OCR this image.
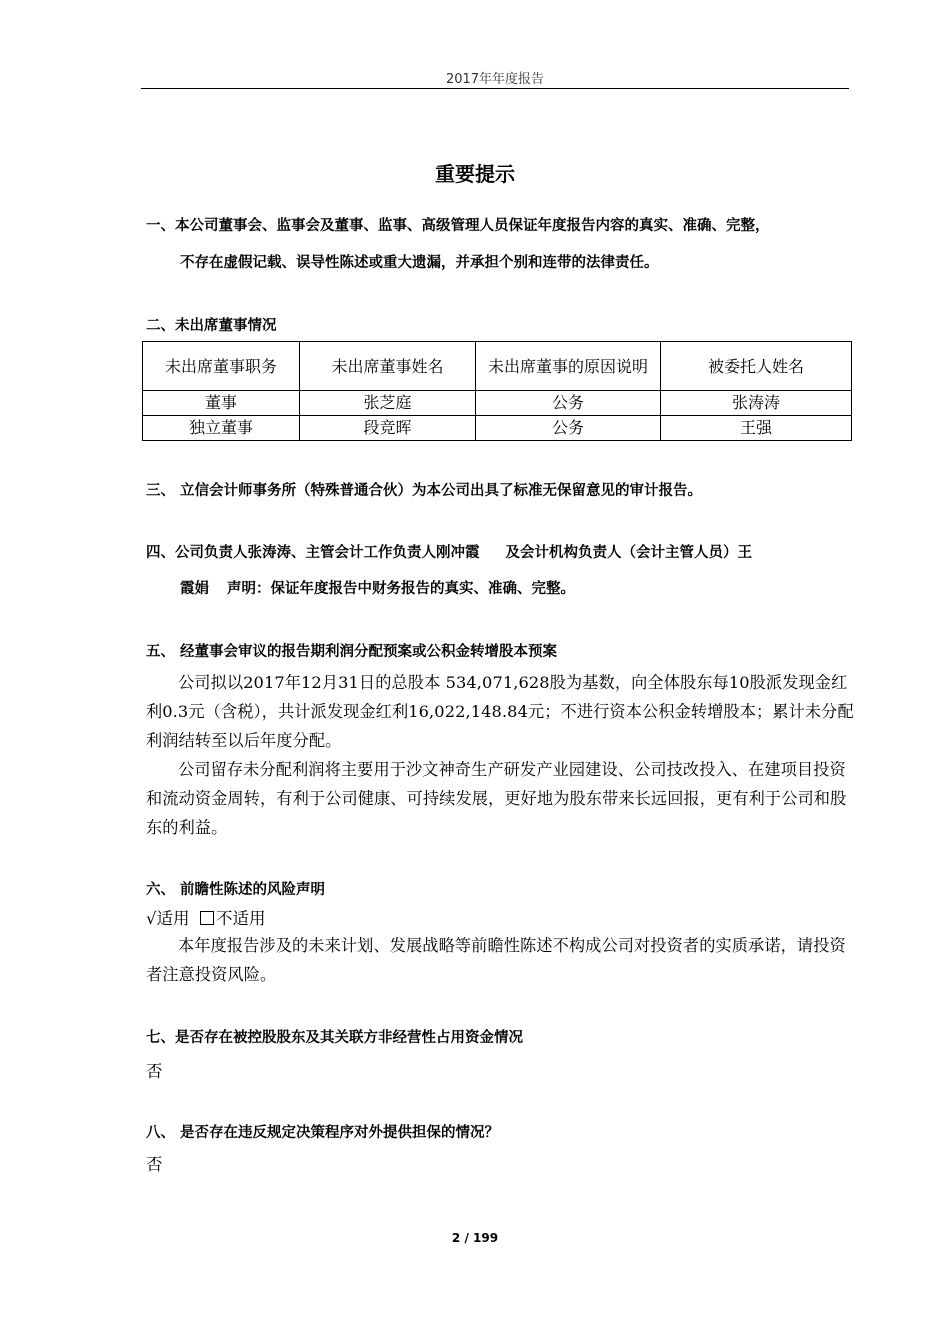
2017年年度报告
重要提示
一、本公司董事会、监事会及董事、监事、高级管理人员保证年度报告内容的真实、准确、完整，
不存在虚假记载、误导性陈述或重大遗漏，并承担个别和连带的法律责任。
二、未出席董事情况
未出席董事职务	未出席董事姓名	未出席董事的原因说明	被委托人姓名
董事	张芝庭	公务	张涛涛
独立董事	段竞晖	公务	王强
三、 立信会计师事务所（特殊普通合伙）为本公司出具了标准无保留意见的审计报告。
四、公司负责人张涛涛、主管会计工作负责人刚冲霞 及会计机构负责人（会计主管人员）王
霞娟 声明：保证年度报告中财务报告的真实、准确、完整。
五、 经董事会审议的报告期利润分配预案或公积金转增股本预案

公司拟以2017年12月31日的总股本 534,071,628股为基数，向全体股东每10股派发现金红利0.3元（含税），共计派发现金红利16,022,148.84元；不进行资本公积金转增股本；累计未分配利润结转至以后年度分配。

公司留存未分配利润将主要用于沙文神奇生产研发产业园建设、公司技改投入、在建项目投资和流动资金周转，有利于公司健康、可持续发展，更好地为股东带来长远回报，更有利于公司和股东的利益。

六、 前瞻性陈述的风险声明
√适用 不适用

本年度报告涉及的未来计划、发展战略等前瞻性陈述不构成公司对投资者的实质承诺，请投资者注意投资风险。

七、是否存在被控股股东及其关联方非经营性占用资金情况
否
八、 是否存在违反规定决策程序对外提供担保的情况？
否
2 / 199
